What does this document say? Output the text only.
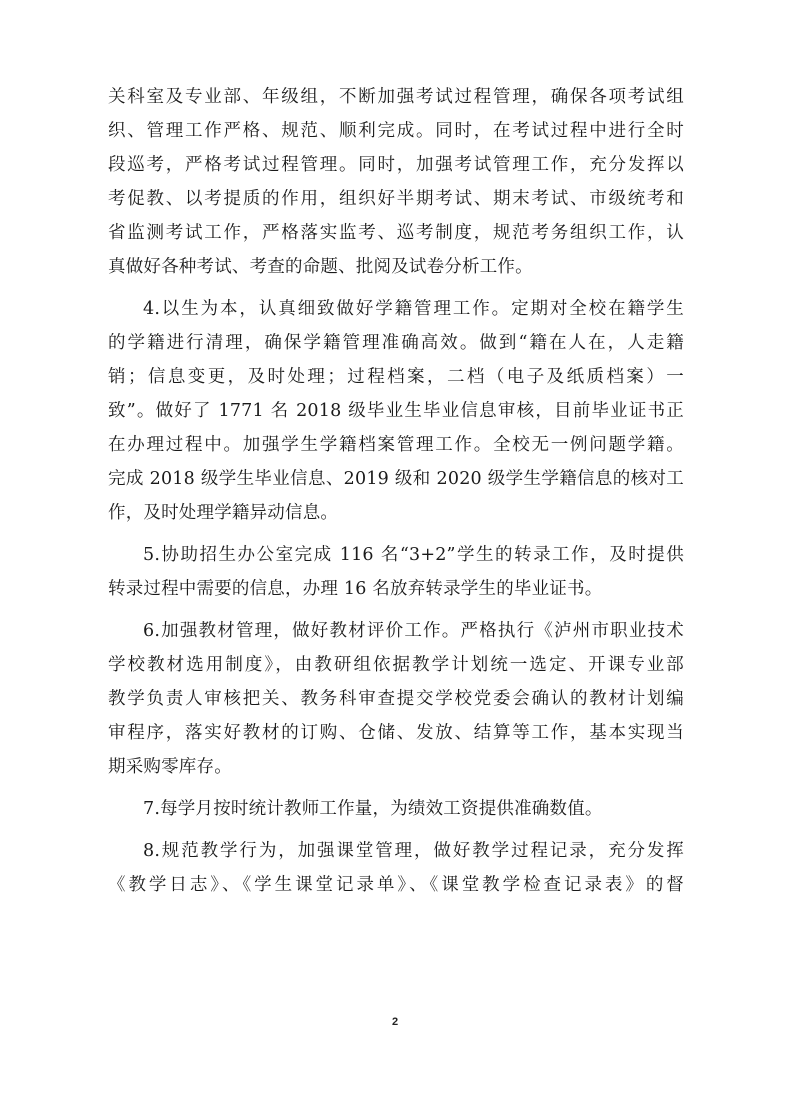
关科室及专业部、年级组，不断加强考试过程管理，确保各项考试组
织、管理工作严格、规范、顺利完成。同时，在考试过程中进行全时
段巡考，严格考试过程管理。同时，加强考试管理工作，充分发挥以
考促教、以考提质的作用，组织好半期考试、期末考试、市级统考和
省监测考试工作，严格落实监考、巡考制度，规范考务组织工作，认
真做好各种考试、考查的命题、批阅及试卷分析工作。
4.以生为本，认真细致做好学籍管理工作。定期对全校在籍学生
的学籍进行清理，确保学籍管理准确高效。做到“籍在人在，人走籍
销；信息变更，及时处理；过程档案，二档（电子及纸质档案）一
致”。做好了 1771 名 2018 级毕业生毕业信息审核，目前毕业证书正
在办理过程中。加强学生学籍档案管理工作。全校无一例问题学籍。
完成 2018 级学生毕业信息、2019 级和 2020 级学生学籍信息的核对工
作，及时处理学籍异动信息。
5.协助招生办公室完成 116 名“3+2”学生的转录工作，及时提供
转录过程中需要的信息，办理 16 名放弃转录学生的毕业证书。
6.加强教材管理，做好教材评价工作。严格执行《泸州市职业技术
学校教材选用制度》，由教研组依据教学计划统一选定、开课专业部
教学负责人审核把关、教务科审查提交学校党委会确认的教材计划编
审程序，落实好教材的订购、仓储、发放、结算等工作，基本实现当
期采购零库存。
7.每学月按时统计教师工作量，为绩效工资提供准确数值。
8.规范教学行为，加强课堂管理，做好教学过程记录，充分发挥
《教学日志》、《学生课堂记录单》、《课堂教学检查记录表》的督
2
